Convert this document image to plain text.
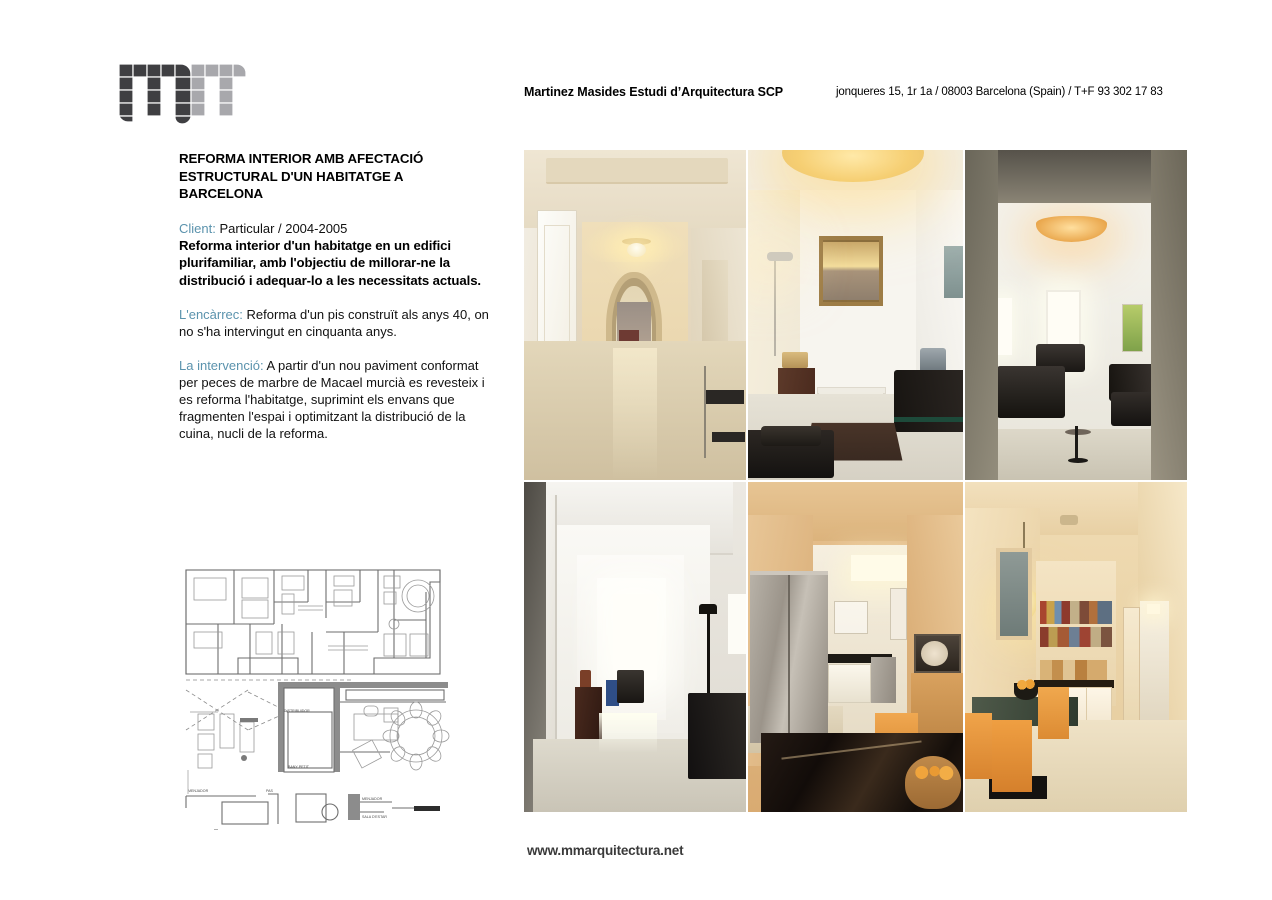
Martinez Masides Estudi d’Arquitectura SCP	jonqueres 15, 1r 1a / 08003 Barcelona (Spain) / T+F 93 302 17 83
REFORMA INTERIOR AMB AFECTACIÓ ESTRUCTURAL D'UN HABITATGE A BARCELONA
Client: Particular / 2004-2005
Reforma interior d'un habitatge en un edifici plurifamiliar, amb l'objectiu de millorar-ne la distribució i adequar-lo a les necessitats actuals.
L'encàrrec: Reforma d'un pis construït als anys 40, on no s'ha intervingut en cinquanta anys.
La intervenció: A partir d'un nou paviment conformat per peces de marbre de Macael murcià es revesteix i es reforma l'habitatge, suprimint els envans que fragmenten l'espai i optimitzant la distribució de la cuina, nucli de la reforma.
DISTRIBUIDOR
BANY PETIT
PAS
MENJADOR
MENJADOR
SALA D'ESTAR
www.mmarquitectura.net
